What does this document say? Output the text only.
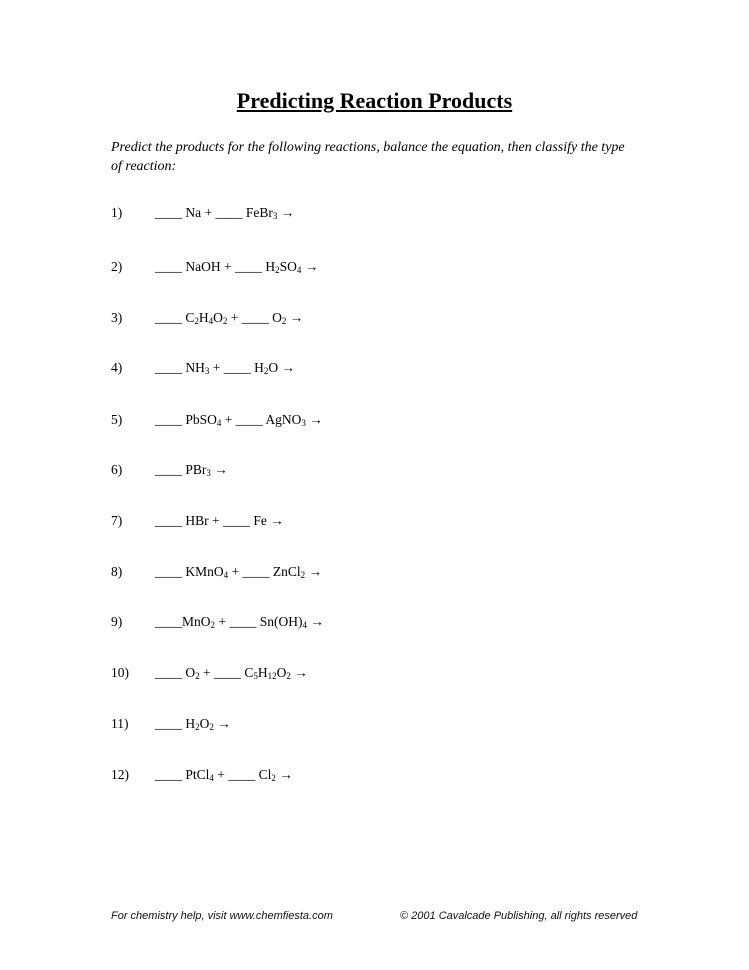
Predicting Reaction Products
Predict the products for the following reactions, balance the equation, then classify the type of reaction:
1)	____ Na + ____ FeBr$_3$ →
2)	____ NaOH + ____ $H_2SO_4$ →
3)	____ $C_2H_4O_2$ + ____ $O_2$ →
4)	____ $NH_3$ + ____ $H_2O$ →
5)	____ PbSO$_4$ + ____ AgNO$_3$ →
6)	____ PBr$_3$ →
7)	____ HBr + ____ Fe →
8)	____ KMnO$_4$ + ____ ZnCl$_2$ →
9)	____MnO$_2$ + ____ $Sn(OH)_4$ →
10)	____ $O_2$ + ____ $C_5H_{12}O_2$ →
11)	____ $H_2O_2$ →
12)	____ PtCl$_4$ + ____ $Cl_2$ →
For chemistry help, visit www.chemfiesta.com	© 2001 Cavalcade Publishing, all rights reserved
